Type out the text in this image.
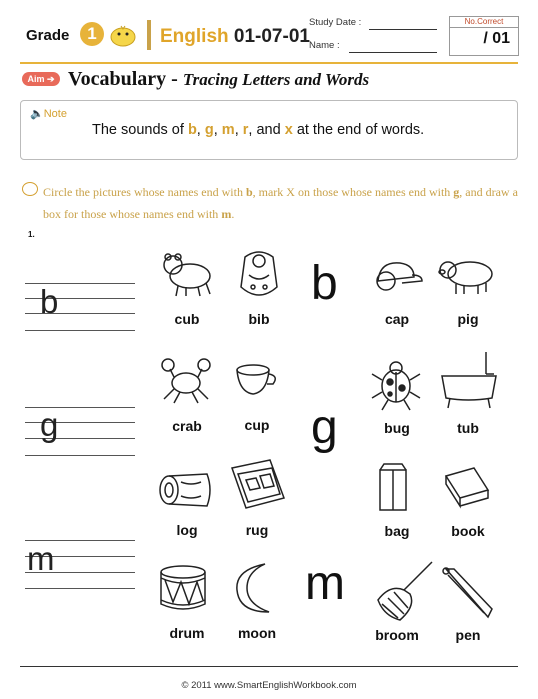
Grade	1	English 01-07-01
Study Date :
Name :
No.Correct
/ 01
Aim ➔ Vocabulary - Tracing Letters and Words
🔈Note
The sounds of b, g, m, r, and x at the end of words.
Circle the pictures whose names end with b, mark X on those whose names end with g, and draw a box for those whose names end with m.
1.
b
g
m
b
g
m
cub	bib	cap	pig
crab	cup	bug	tub
log	rug	bag	book
drum	moon	broom	pen
© 2011 www.SmartEnglishWorkbook.com
